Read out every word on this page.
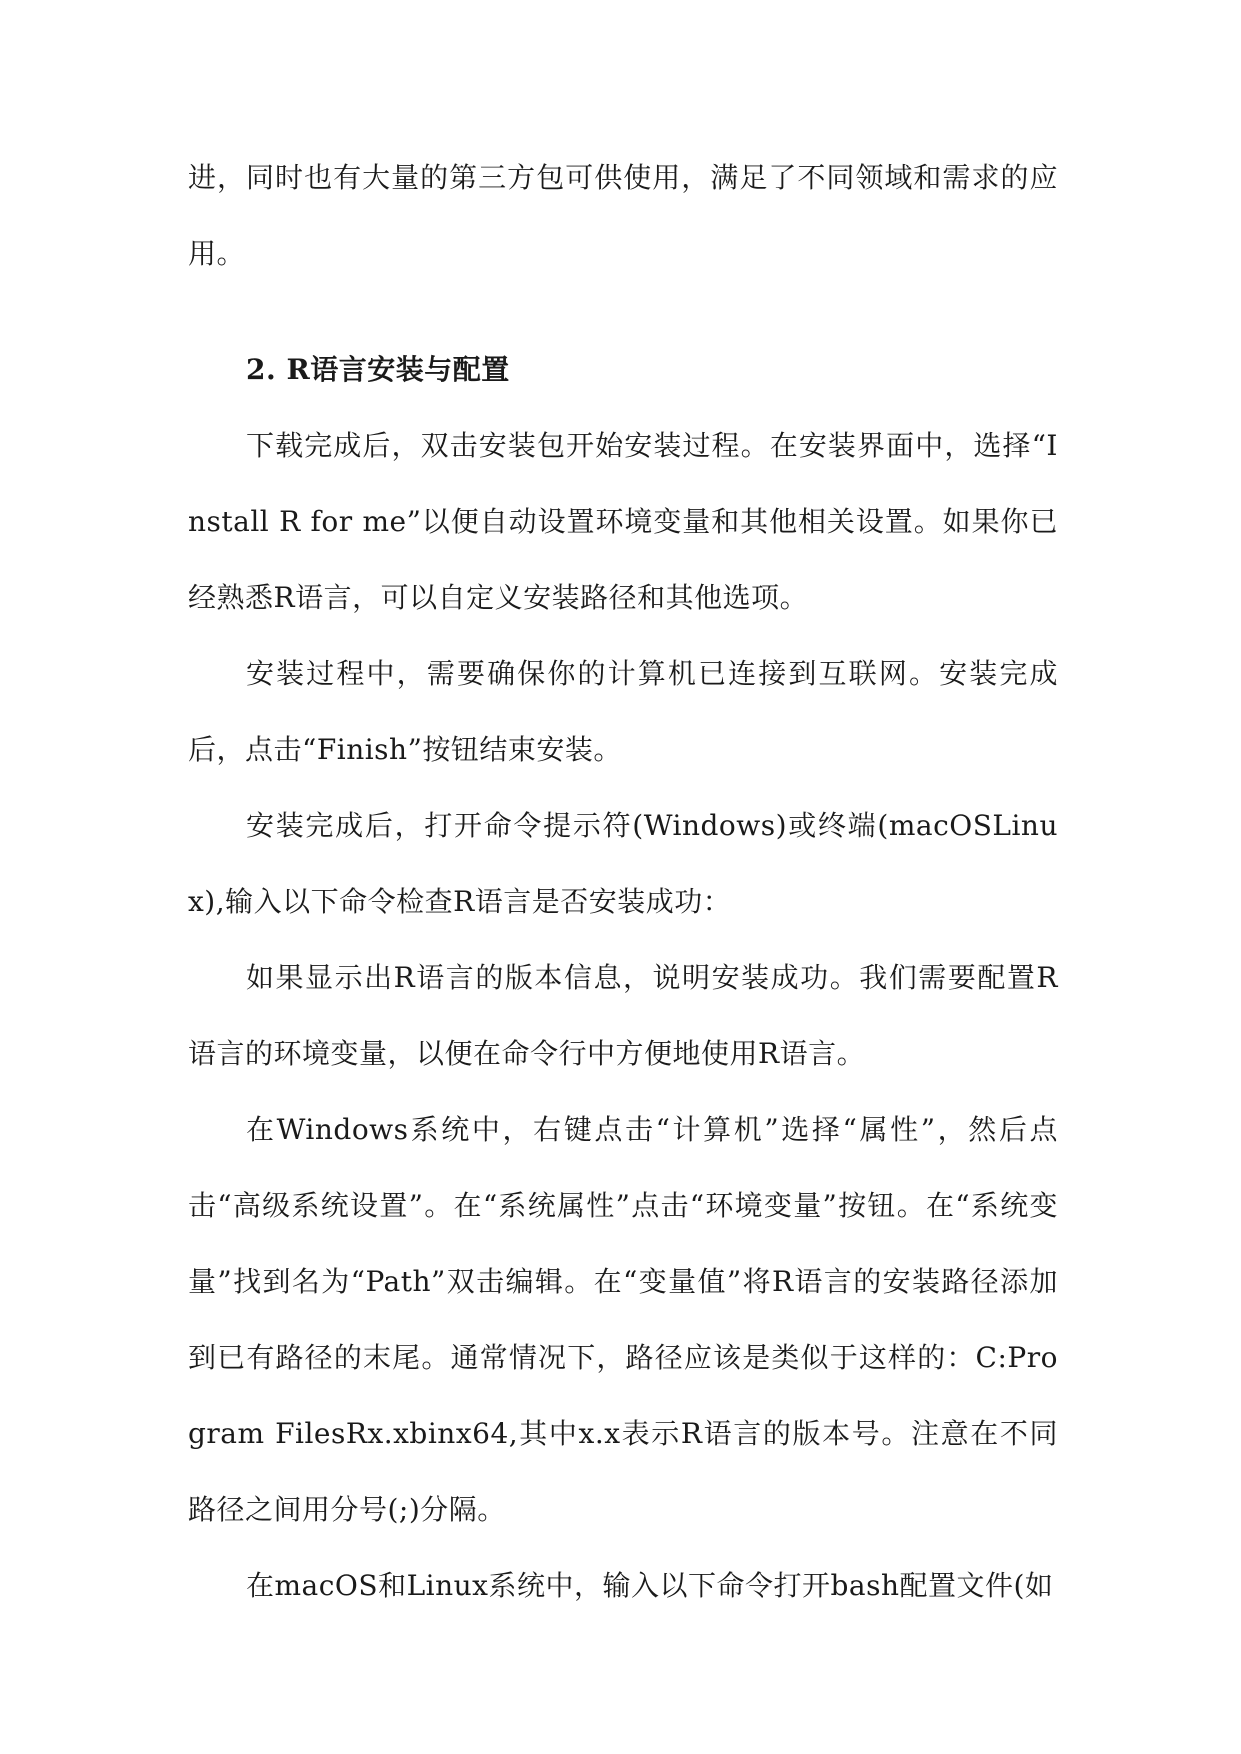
进，同时也有大量的第三方包可供使用，满足了不同领域和需求的应用。

2. R语言安装与配置

下载完成后，双击安装包开始安装过程。在安装界面中，选择“Install R for me”以便自动设置环境变量和其他相关设置。如果你已经熟悉R语言，可以自定义安装路径和其他选项。

安装过程中，需要确保你的计算机已连接到互联网。安装完成后，点击“Finish”按钮结束安装。

安装完成后，打开命令提示符(Windows)或终端(macOSLinux),输入以下命令检查R语言是否安装成功：

如果显示出R语言的版本信息，说明安装成功。我们需要配置R语言的环境变量，以便在命令行中方便地使用R语言。

在Windows系统中，右键点击“计算机”选择“属性”，然后点击“高级系统设置”。在“系统属性”点击“环境变量”按钮。在“系统变量”找到名为“Path”双击编辑。在“变量值”将R语言的安装路径添加到已有路径的末尾。通常情况下，路径应该是类似于这样的：C:Program FilesRx.xbinx64,其中x.x表示R语言的版本号。注意在不同路径之间用分号(;)分隔。

在macOS和Linux系统中，输入以下命令打开bash配置文件(如
